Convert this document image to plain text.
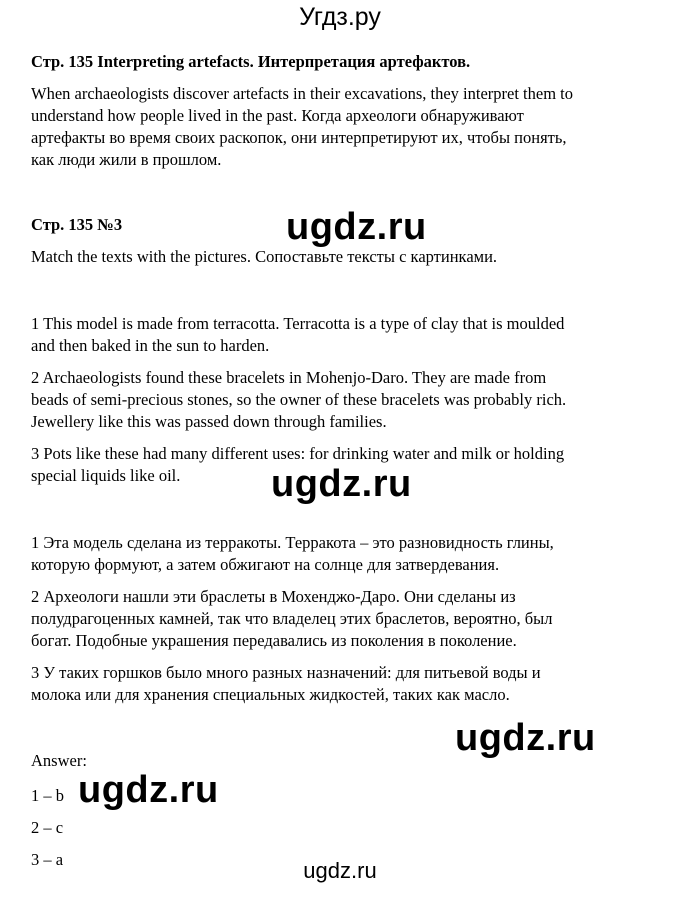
Угдз.ру
Стр. 135 Interpreting artefacts. Интерпретация артефактов.
When archaeologists discover artefacts in their excavations, they interpret them to
understand how people lived in the past. Когда археологи обнаруживают
артефакты во время своих раскопок, они интерпретируют их, чтобы понять,
как люди жили в прошлом.
Стр. 135 №3	ugdz.ru
Match the texts with the pictures. Сопоставьте тексты с картинками.
1 This model is made from terracotta. Terracotta is a type of clay that is moulded
and then baked in the sun to harden.
2 Archaeologists found these bracelets in Mohenjo-Daro. They are made from
beads of semi-precious stones, so the owner of these bracelets was probably rich.
Jewellery like this was passed down through families.
3 Pots like these had many different uses: for drinking water and milk or holding
special liquids like oil.	ugdz.ru
1 Эта модель сделана из терракоты. Терракота – это разновидность глины,
которую формуют, а затем обжигают на солнце для затвердевания.
2 Археологи нашли эти браслеты в Мохенджо-Даро. Они сделаны из
полудрагоценных камней, так что владелец этих браслетов, вероятно, был
богат. Подобные украшения передавались из поколения в поколение.
3 У таких горшков было много разных назначений: для питьевой воды и
молока или для хранения специальных жидкостей, таких как масло.
ugdz.ru
Answer:
ugdz.ru
1 – b
2 – c
3 – a	ugdz.ru
